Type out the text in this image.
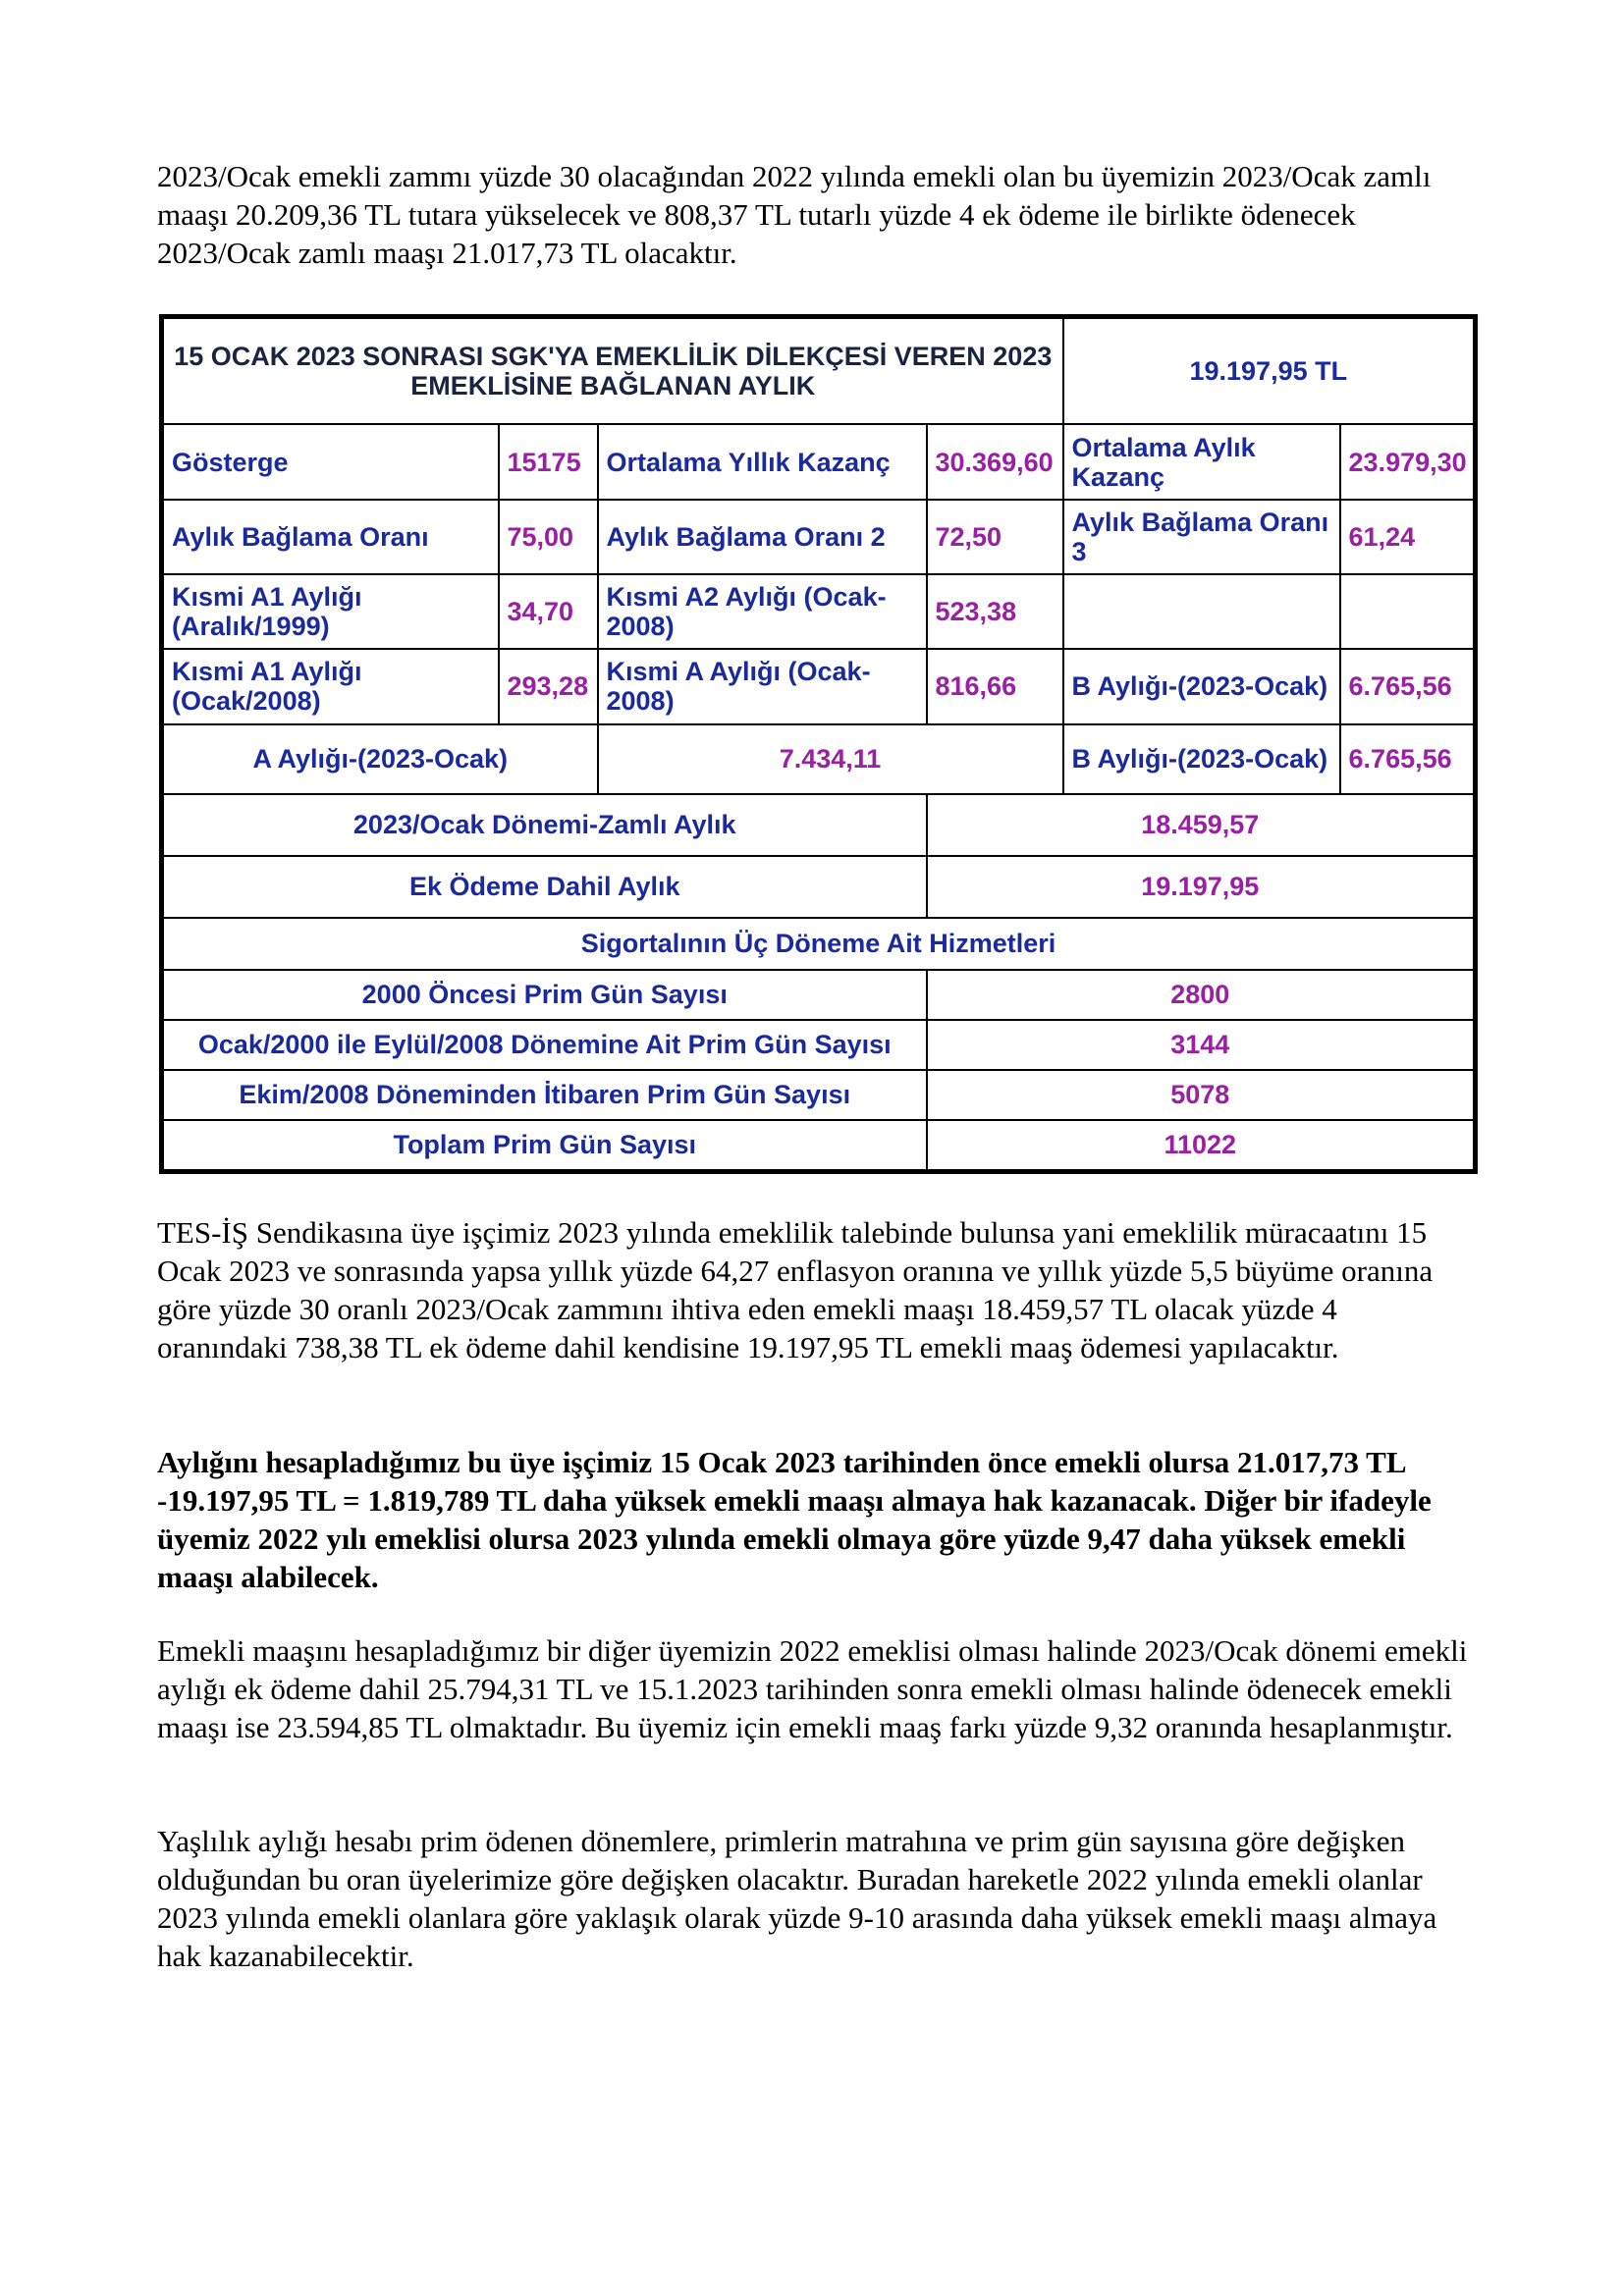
2023/Ocak emekli zammı yüzde 30 olacağından 2022 yılında emekli olan bu üyemizin 2023/Ocak zamlı maaşı 20.209,36 TL tutara yükselecek ve 808,37 TL tutarlı yüzde 4 ek ödeme ile birlikte ödenecek 2023/Ocak zamlı maaşı 21.017,73 TL olacaktır.

15 OCAK 2023 SONRASI SGK'YA EMEKLİLİK DİLEKÇESİ VEREN 2023 EMEKLİSİNE BAĞLANAN AYLIK				19.197,95 TL	
Gösterge	15175	Ortalama Yıllık Kazanç	30.369,60	Ortalama Aylık Kazanç	23.979,30
Aylık Bağlama Oranı	75,00	Aylık Bağlama Oranı 2	72,50	Aylık Bağlama Oranı 3	61,24
Kısmi A1 Aylığı (Aralık/1999)	34,70	Kısmi A2 Aylığı (Ocak-2008)	523,38		
Kısmi A1 Aylığı (Ocak/2008)	293,28	Kısmi A Aylığı (Ocak-2008)	816,66	B Aylığı-(2023-Ocak)	6.765,56
A Aylığı-(2023-Ocak)		7.434,11		B Aylığı-(2023-Ocak)	6.765,56
2023/Ocak Dönemi-Zamlı Aylık			18.459,57		
Ek Ödeme Dahil Aylık			19.197,95		
Sigortalının Üç Döneme Ait Hizmetleri					
2000 Öncesi Prim Gün Sayısı			2800		
Ocak/2000 ile Eylül/2008 Dönemine Ait Prim Gün Sayısı			3144		
Ekim/2008 Döneminden İtibaren Prim Gün Sayısı			5078		
Toplam Prim Gün Sayısı			11022		

TES-İŞ Sendikasına üye işçimiz 2023 yılında emeklilik talebinde bulunsa yani emeklilik müracaatını 15 Ocak 2023 ve sonrasında yapsa yıllık yüzde 64,27 enflasyon oranına ve yıllık yüzde 5,5 büyüme oranına göre yüzde 30 oranlı 2023/Ocak zammını ihtiva eden emekli maaşı 18.459,57 TL olacak yüzde 4 oranındaki 738,38 TL ek ödeme dahil kendisine 19.197,95 TL emekli maaş ödemesi yapılacaktır.

Aylığını hesapladığımız bu üye işçimiz 15 Ocak 2023 tarihinden önce emekli olursa 21.017,73 TL -19.197,95 TL = 1.819,789 TL daha yüksek emekli maaşı almaya hak kazanacak. Diğer bir ifadeyle üyemiz 2022 yılı emeklisi olursa 2023 yılında emekli olmaya göre yüzde 9,47 daha yüksek emekli maaşı alabilecek.

Emekli maaşını hesapladığımız bir diğer üyemizin 2022 emeklisi olması halinde 2023/Ocak dönemi emekli aylığı ek ödeme dahil 25.794,31 TL ve 15.1.2023 tarihinden sonra emekli olması halinde ödenecek emekli maaşı ise 23.594,85 TL olmaktadır. Bu üyemiz için emekli maaş farkı yüzde 9,32 oranında hesaplanmıştır.

Yaşlılık aylığı hesabı prim ödenen dönemlere, primlerin matrahına ve prim gün sayısına göre değişken olduğundan bu oran üyelerimize göre değişken olacaktır. Buradan hareketle 2022 yılında emekli olanlar 2023 yılında emekli olanlara göre yaklaşık olarak yüzde 9-10 arasında daha yüksek emekli maaşı almaya hak kazanabilecektir.
